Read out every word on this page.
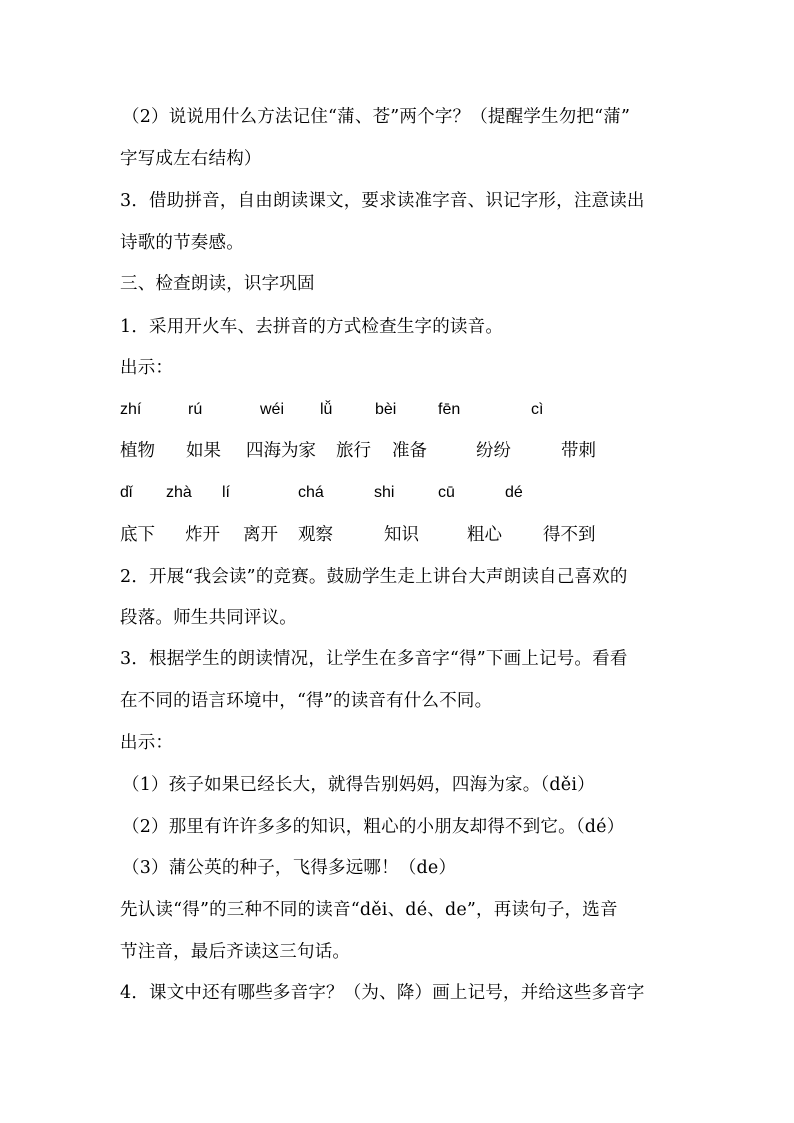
（2）说说用什么方法记住“蒲、苍”两个字？（提醒学生勿把“蒲”
字写成左右结构）
3．借助拼音，自由朗读课文，要求读准字音、识记字形，注意读出
诗歌的节奏感。
三、检查朗读，识字巩固
1．采用开火车、去拼音的方式检查生字的读音。
出示：
zhí	rú	wéi lǚ	bèi	fēn	cì
植物 如果 四海为家 旅行 准备	纷纷	带刺
dǐ zhà lí	chá	shi	cū	dé
底下 炸开 离开 观察	知识	粗心 得不到
2．开展“我会读”的竞赛。鼓励学生走上讲台大声朗读自己喜欢的
段落。师生共同评议。
3．根据学生的朗读情况，让学生在多音字“得”下画上记号。看看
在不同的语言环境中，“得”的读音有什么不同。
出示：
（1）孩子如果已经长大，就得告别妈妈，四海为家。（děi）
（2）那里有许许多多的知识，粗心的小朋友却得不到它。（dé）
（3）蒲公英的种子，飞得多远哪！（de）
先认读“得”的三种不同的读音“děi、dé、de”，再读句子，选音
节注音，最后齐读这三句话。
4．课文中还有哪些多音字？（为、降）画上记号，并给这些多音字
